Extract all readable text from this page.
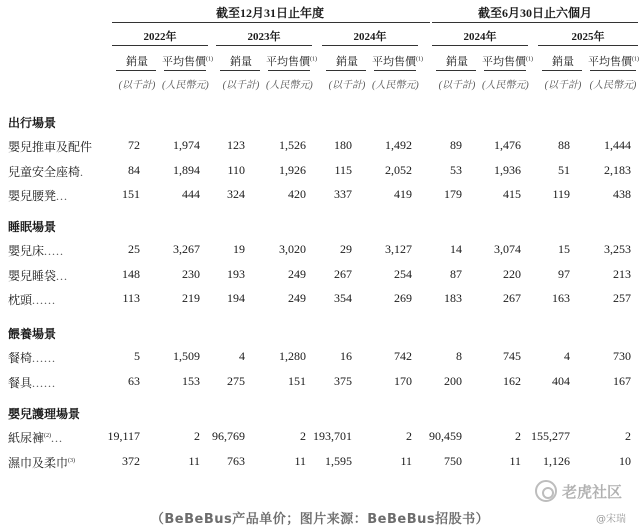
截至12月31日止年度	截至6月30日止六個月
2022年
銷量	平均售價$^{(1)}$
(以千計) (人民幣元)
2023年
銷量	平均售價$^{(1)}$
(以千計) (人民幣元)
2024年
銷量	平均售價$^{(1)}$
(以千計) (人民幣元)
2024年
銷量	平均售價$^{(1)}$
(以千計) (人民幣元)
2025年
銷量	平均售價$^{(1)}$
(以千計) (人民幣元)
出行場景
嬰兒推車及配件	72	1,974	123	1,526	180	1,492	89	1,476	88	1,444
兒童安全座椅.	84	1,894	110	1,926	115	2,052	53	1,936	51	2,183
嬰兒腰凳...	151	444	324	420	337	419	179	415	119	438
睡眠場景
嬰兒床.....	25	3,267	19	3,020	29	3,127	14	3,074	15	3,253
嬰兒睡袋...	148	230	193	249	267	254	87	220	97	213
枕頭......	113	219	194	249	354	269	183	267	163	257
餵養場景
餐椅......	5	1,509	4	1,280	16	742	8	745	4	730
餐具......	63	153	275	151	375	170	200	162	404	167
嬰兒護理場景
紙尿褲$^{(2)}$...	19,117	2	96,769	2 193,701	2	90,459	2 155,277	2
濕巾及柔巾$^{(3)}$	372	11	763	11	1,595	11	750	11	1,126	10
（BeBeBus产品单价；图片来源：BeBeBus招股书）
老虎社区
@宋瑞
